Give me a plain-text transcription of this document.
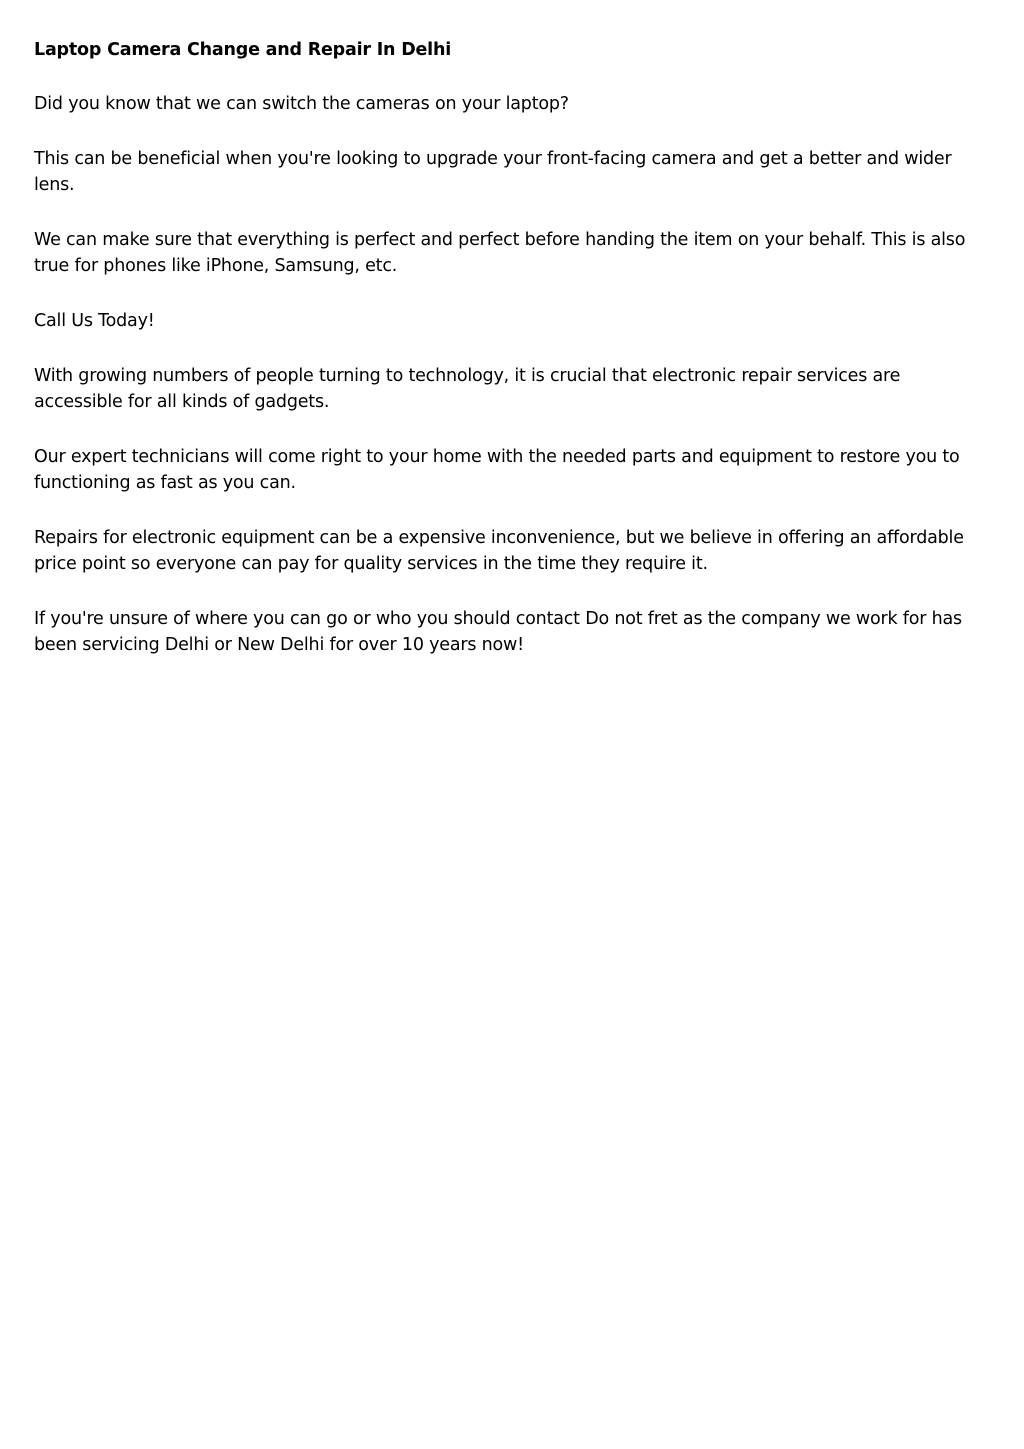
Laptop Camera Change and Repair In Delhi

Did you know that we can switch the cameras on your laptop?

This can be beneficial when you're looking to upgrade your front-facing camera and get a better and wider lens.

We can make sure that everything is perfect and perfect before handing the item on your behalf. This is also true for phones like iPhone, Samsung, etc.

Call Us Today!

With growing numbers of people turning to technology, it is crucial that electronic repair services are accessible for all kinds of gadgets.

Our expert technicians will come right to your home with the needed parts and equipment to restore you to functioning as fast as you can.

Repairs for electronic equipment can be a expensive inconvenience, but we believe in offering an affordable price point so everyone can pay for quality services in the time they require it.

If you're unsure of where you can go or who you should contact Do not fret as the company we work for has been servicing Delhi or New Delhi for over 10 years now!
